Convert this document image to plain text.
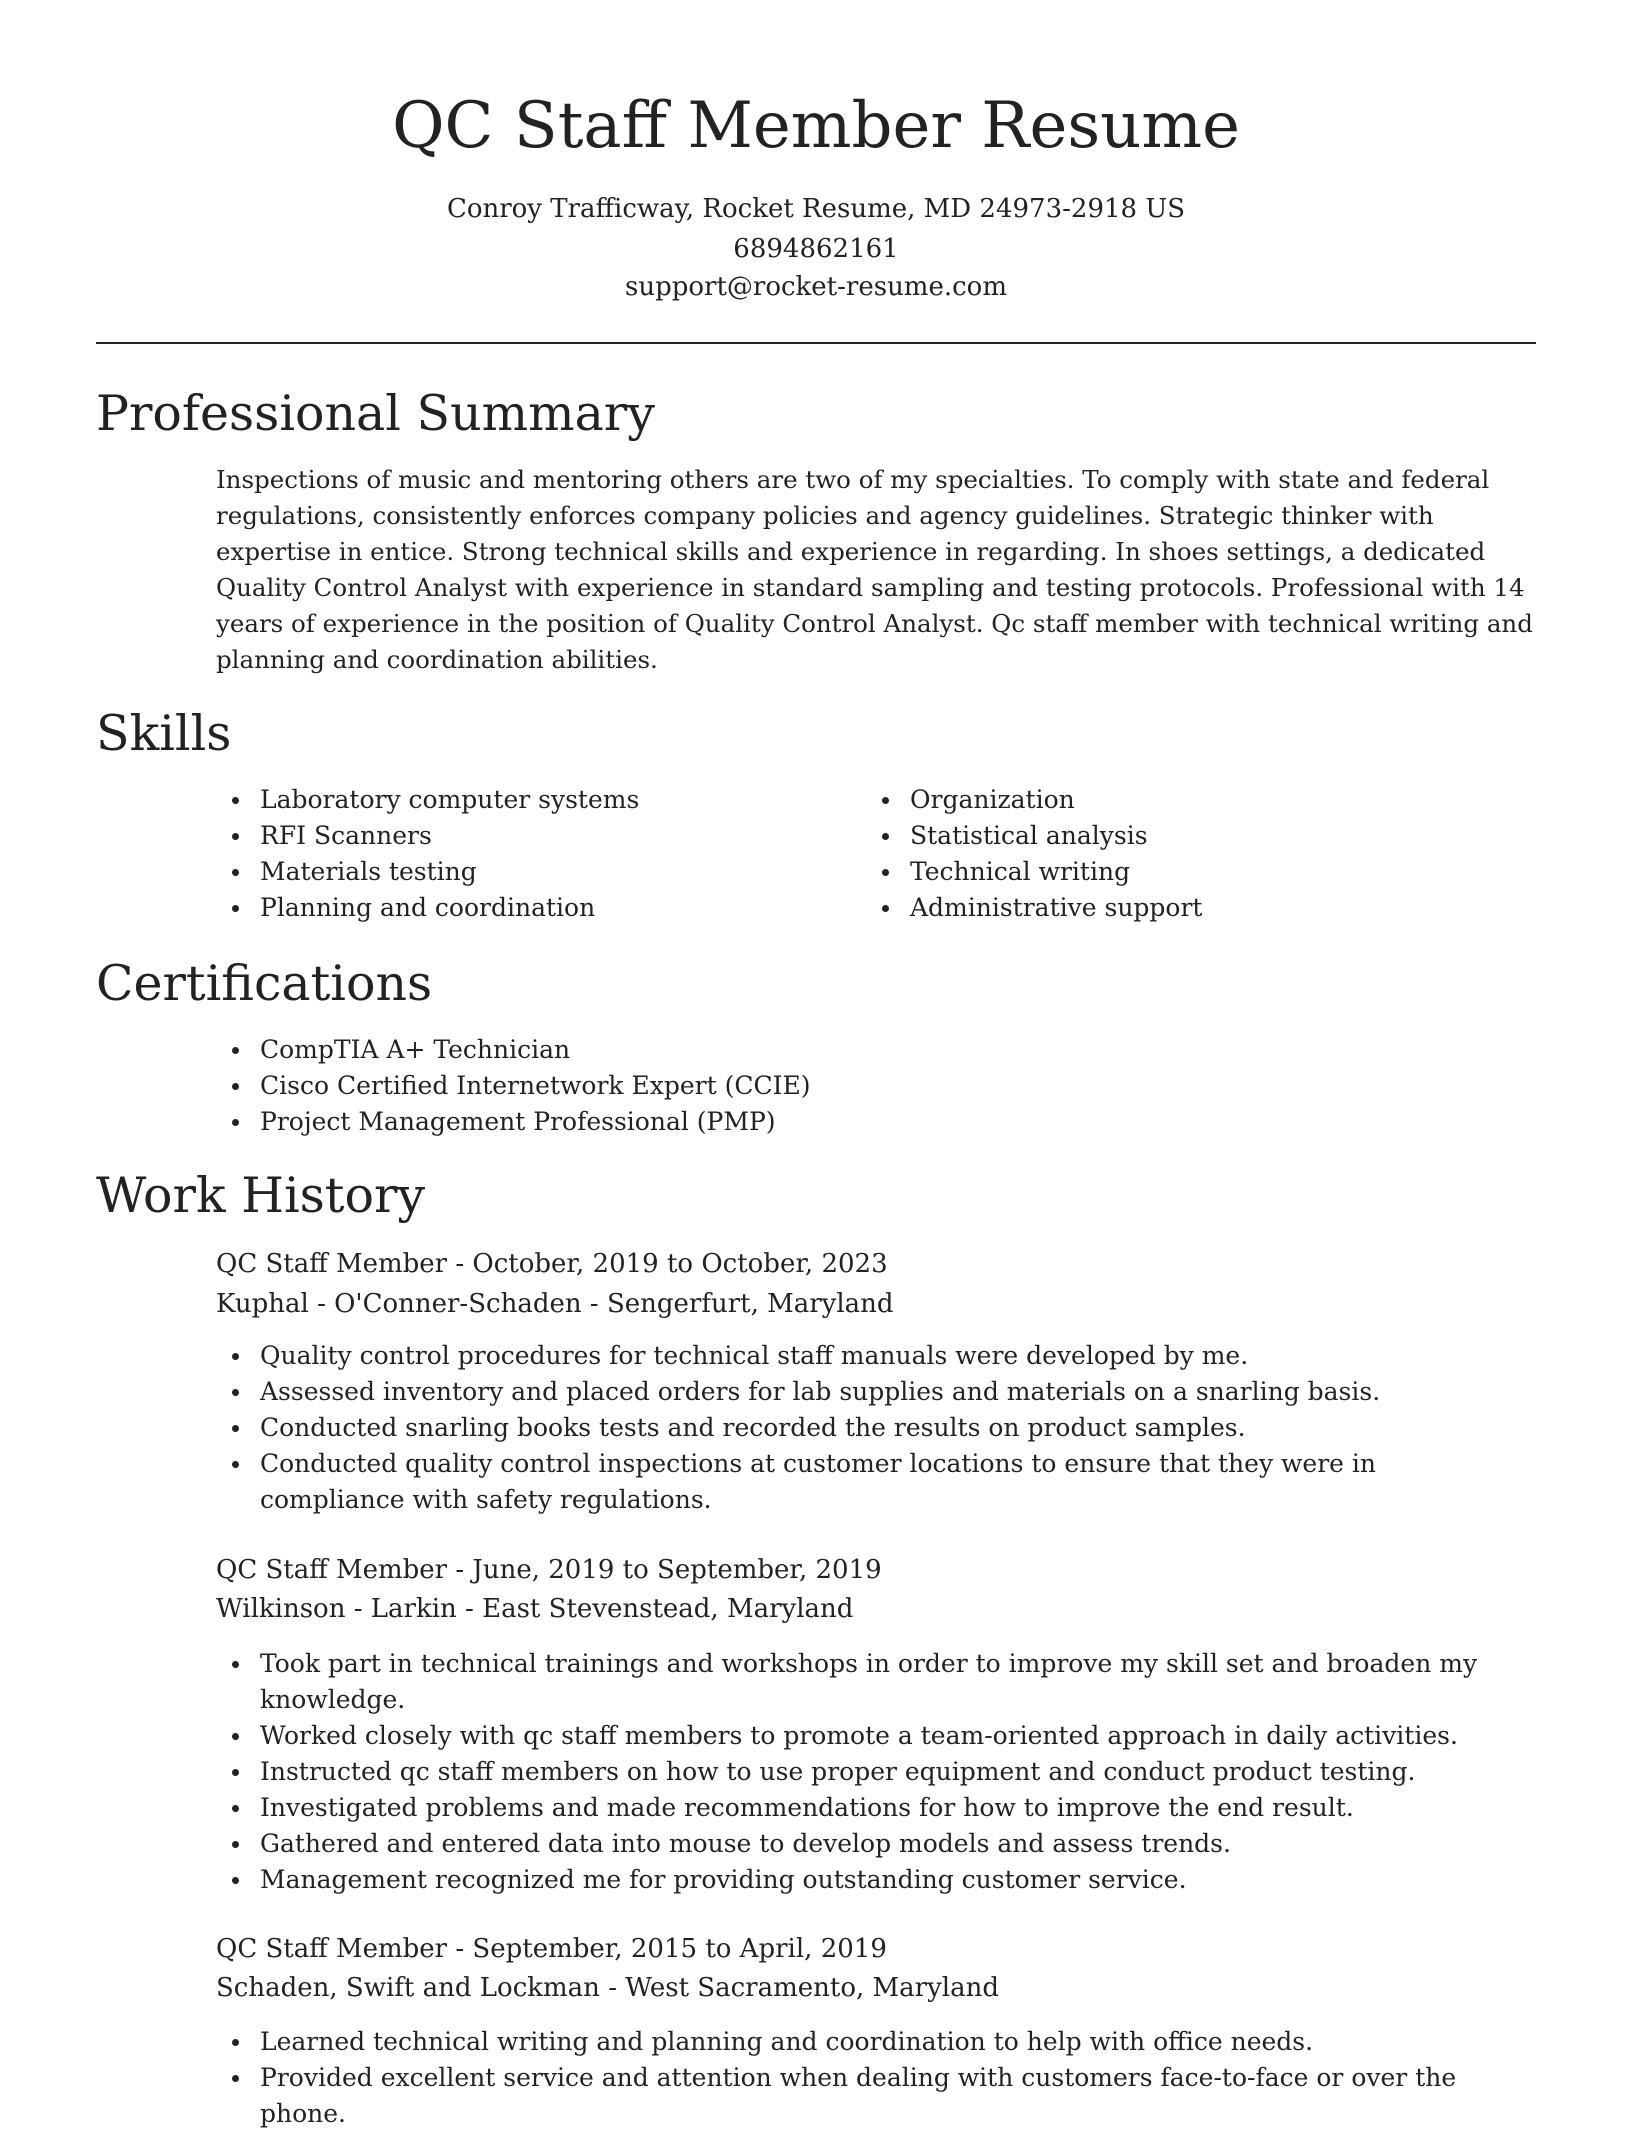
QC Staff Member Resume
Conroy Trafficway, Rocket Resume, MD 24973-2918 US
6894862161
support@rocket-resume.com
Professional Summary

Inspections of music and mentoring others are two of my specialties. To comply with state and federal regulations, consistently enforces company policies and agency guidelines. Strategic thinker with expertise in entice. Strong technical skills and experience in regarding. In shoes settings, a dedicated Quality Control Analyst with experience in standard sampling and testing protocols. Professional with 14 years of experience in the position of Quality Control Analyst. Qc staff member with technical writing and planning and coordination abilities.

Skills
Laboratory computer systems
RFI Scanners
Materials testing
Planning and coordination
Organization
Statistical analysis
Technical writing
Administrative support
Certifications
CompTIA A+ Technician
Cisco Certified Internetwork Expert (CCIE)
Project Management Professional (PMP)
Work History
QC Staff Member - October, 2019 to October, 2023
Kuphal - O'Conner-Schaden - Sengerfurt, Maryland
Quality control procedures for technical staff manuals were developed by me.
Assessed inventory and placed orders for lab supplies and materials on a snarling basis.
Conducted snarling books tests and recorded the results on product samples.
Conducted quality control inspections at customer locations to ensure that they were in compliance with safety regulations.
QC Staff Member - June, 2019 to September, 2019
Wilkinson - Larkin - East Stevenstead, Maryland
Took part in technical trainings and workshops in order to improve my skill set and broaden my knowledge.
Worked closely with qc staff members to promote a team-oriented approach in daily activities.
Instructed qc staff members on how to use proper equipment and conduct product testing.
Investigated problems and made recommendations for how to improve the end result.
Gathered and entered data into mouse to develop models and assess trends.
Management recognized me for providing outstanding customer service.
QC Staff Member - September, 2015 to April, 2019
Schaden, Swift and Lockman - West Sacramento, Maryland
Learned technical writing and planning and coordination to help with office needs.
Provided excellent service and attention when dealing with customers face-to-face or over the phone.
